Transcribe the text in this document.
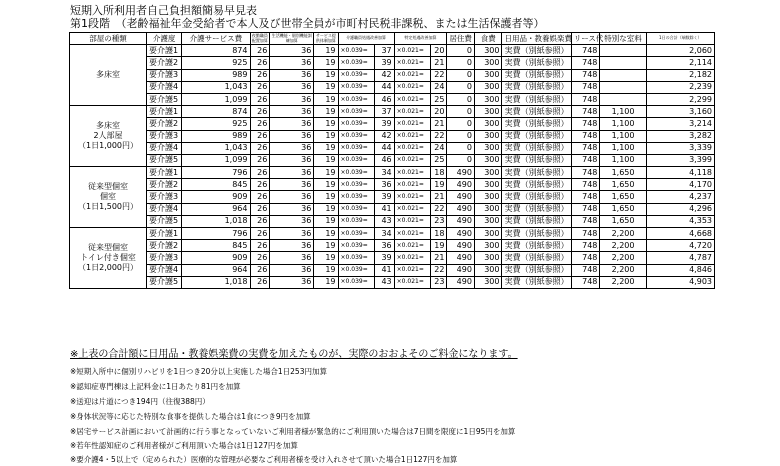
短期入所利用者自己負担額簡易早見表
第1段階　（老齢福祉年金受給者で本人及び世帯全員が市町村民税非課税、または生活保護者等）
部屋の種類	介護度	介護サービス費	夜勤職員配置加算	生活機能・個別機能訓練加算	サービス提供体制加算	介護職員処遇改善加算		特定処遇改善加算		居住費	食費	日用品・教養娯楽費	リース代	特別な室料	1日の合計（端数除く）
多床室	要介護1	874	26	36	19	×0.039=	37	×0.021=	20	0	300	実費（別紙参照）	748		2,060
	要介護2	925	26	36	19	×0.039=	39	×0.021=	21	0	300	実費（別紙参照）	748		2,114
	要介護3	989	26	36	19	×0.039=	42	×0.021=	22	0	300	実費（別紙参照）	748		2,182
	要介護4	1,043	26	36	19	×0.039=	44	×0.021=	24	0	300	実費（別紙参照）	748		2,239
	要介護5	1,099	26	36	19	×0.039=	46	×0.021=	25	0	300	実費（別紙参照）	748		2,299
多床室
2人部屋
（1日1,000円）	要介護1	874	26	36	19	×0.039=	37	×0.021=	20	0	300	実費（別紙参照）	748	1,100	3,160
	要介護2	925	26	36	19	×0.039=	39	×0.021=	21	0	300	実費（別紙参照）	748	1,100	3,214
	要介護3	989	26	36	19	×0.039=	42	×0.021=	22	0	300	実費（別紙参照）	748	1,100	3,282
	要介護4	1,043	26	36	19	×0.039=	44	×0.021=	24	0	300	実費（別紙参照）	748	1,100	3,339
	要介護5	1,099	26	36	19	×0.039=	46	×0.021=	25	0	300	実費（別紙参照）	748	1,100	3,399
従来型個室
個室
（1日1,500円）	要介護1	796	26	36	19	×0.039=	34	×0.021=	18	490	300	実費（別紙参照）	748	1,650	4,118
	要介護2	845	26	36	19	×0.039=	36	×0.021=	19	490	300	実費（別紙参照）	748	1,650	4,170
	要介護3	909	26	36	19	×0.039=	39	×0.021=	21	490	300	実費（別紙参照）	748	1,650	4,237
	要介護4	964	26	36	19	×0.039=	41	×0.021=	22	490	300	実費（別紙参照）	748	1,650	4,296
	要介護5	1,018	26	36	19	×0.039=	43	×0.021=	23	490	300	実費（別紙参照）	748	1,650	4,353
従来型個室
トイレ付き個室
（1日2,000円）	要介護1	796	26	36	19	×0.039=	34	×0.021=	18	490	300	実費（別紙参照）	748	2,200	4,668
	要介護2	845	26	36	19	×0.039=	36	×0.021=	19	490	300	実費（別紙参照）	748	2,200	4,720
	要介護3	909	26	36	19	×0.039=	39	×0.021=	21	490	300	実費（別紙参照）	748	2,200	4,787
	要介護4	964	26	36	19	×0.039=	41	×0.021=	22	490	300	実費（別紙参照）	748	2,200	4,846
	要介護5	1,018	26	36	19	×0.039=	43	×0.021=	23	490	300	実費（別紙参照）	748	2,200	4,903
※上表の合計額に日用品・教養娯楽費の実費を加えたものが、実際のおおよそのご料金になります。
※短期入所中に個別リハビリを1日つき20分以上実施した場合1日253円加算
※認知症専門棟は上記料金に1日あたり81円を加算
※送迎は片道につき194円（往復388円）
※身体状況等に応じた特別な食事を提供した場合は1食につき9円を加算
※居宅サービス計画において計画的に行う事となっていないご利用者様が緊急的にご利用頂いた場合は7日間を限度に1日95円を加算
※若年性認知症のご利用者様がご利用頂いた場合は1日127円を加算
※要介護4・5以上で（定められた）医療的な管理が必要なご利用者様を受け入れさせて頂いた場合1日127円を加算
